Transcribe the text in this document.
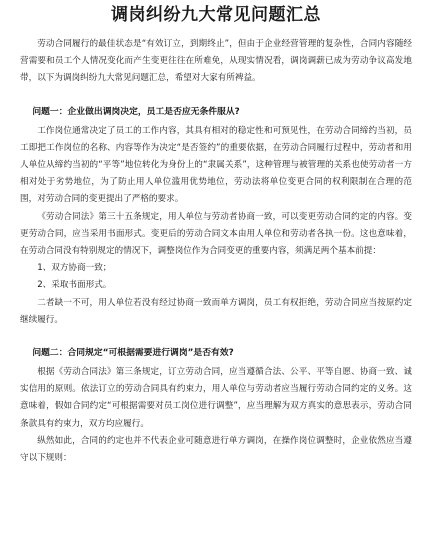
调岗纠纷九大常见问题汇总

劳动合同履行的最佳状态是“有效订立，到期终止”，但由于企业经营管理的复杂性，合同内容随经营需要和员工个人情况变化而产生变更往往在所难免，从现实情况看，调岗调薪已成为劳动争议高发地带，以下为调岗纠纷九大常见问题汇总，希望对大家有所裨益。

问题一：企业做出调岗决定，员工是否应无条件服从?

工作岗位通常决定了员工的工作内容，其具有相对的稳定性和可预见性，在劳动合同缔约当初，员工即把工作岗位的名称、内容等作为决定“是否签约”的重要依据，在劳动合同履行过程中，劳动者和用人单位从缔约当初的“平等”地位转化为身份上的“隶属关系”，这种管理与被管理的关系也使劳动者一方相对处于劣势地位，为了防止用人单位滥用优势地位，劳动法将单位变更合同的权利限制在合理的范围，对劳动合同的变更提出了严格的要求。

《劳动合同法》第三十五条规定，用人单位与劳动者协商一致，可以变更劳动合同约定的内容。变更劳动合同，应当采用书面形式。变更后的劳动合同文本由用人单位和劳动者各执一份。这也意味着，在劳动合同没有特别规定的情况下，调整岗位作为合同变更的重要内容，须满足两个基本前提：

1、双方协商一致；

2、采取书面形式。

二者缺一不可，用人单位若没有经过协商一致而单方调岗，员工有权拒绝，劳动合同应当按原约定继续履行。

问题二：合同规定“可根据需要进行调岗”是否有效?

根据《劳动合同法》第三条规定，订立劳动合同，应当遵循合法、公平、平等自愿、协商一致、诚实信用的原则。依法订立的劳动合同具有约束力，用人单位与劳动者应当履行劳动合同约定的义务。这意味着，假如合同约定“可根据需要对员工岗位进行调整”，应当理解为双方真实的意思表示，劳动合同条款具有约束力，双方均应履行。

纵然如此，合同的约定也并不代表企业可随意进行单方调岗，在操作岗位调整时，企业依然应当遵守以下规则：
